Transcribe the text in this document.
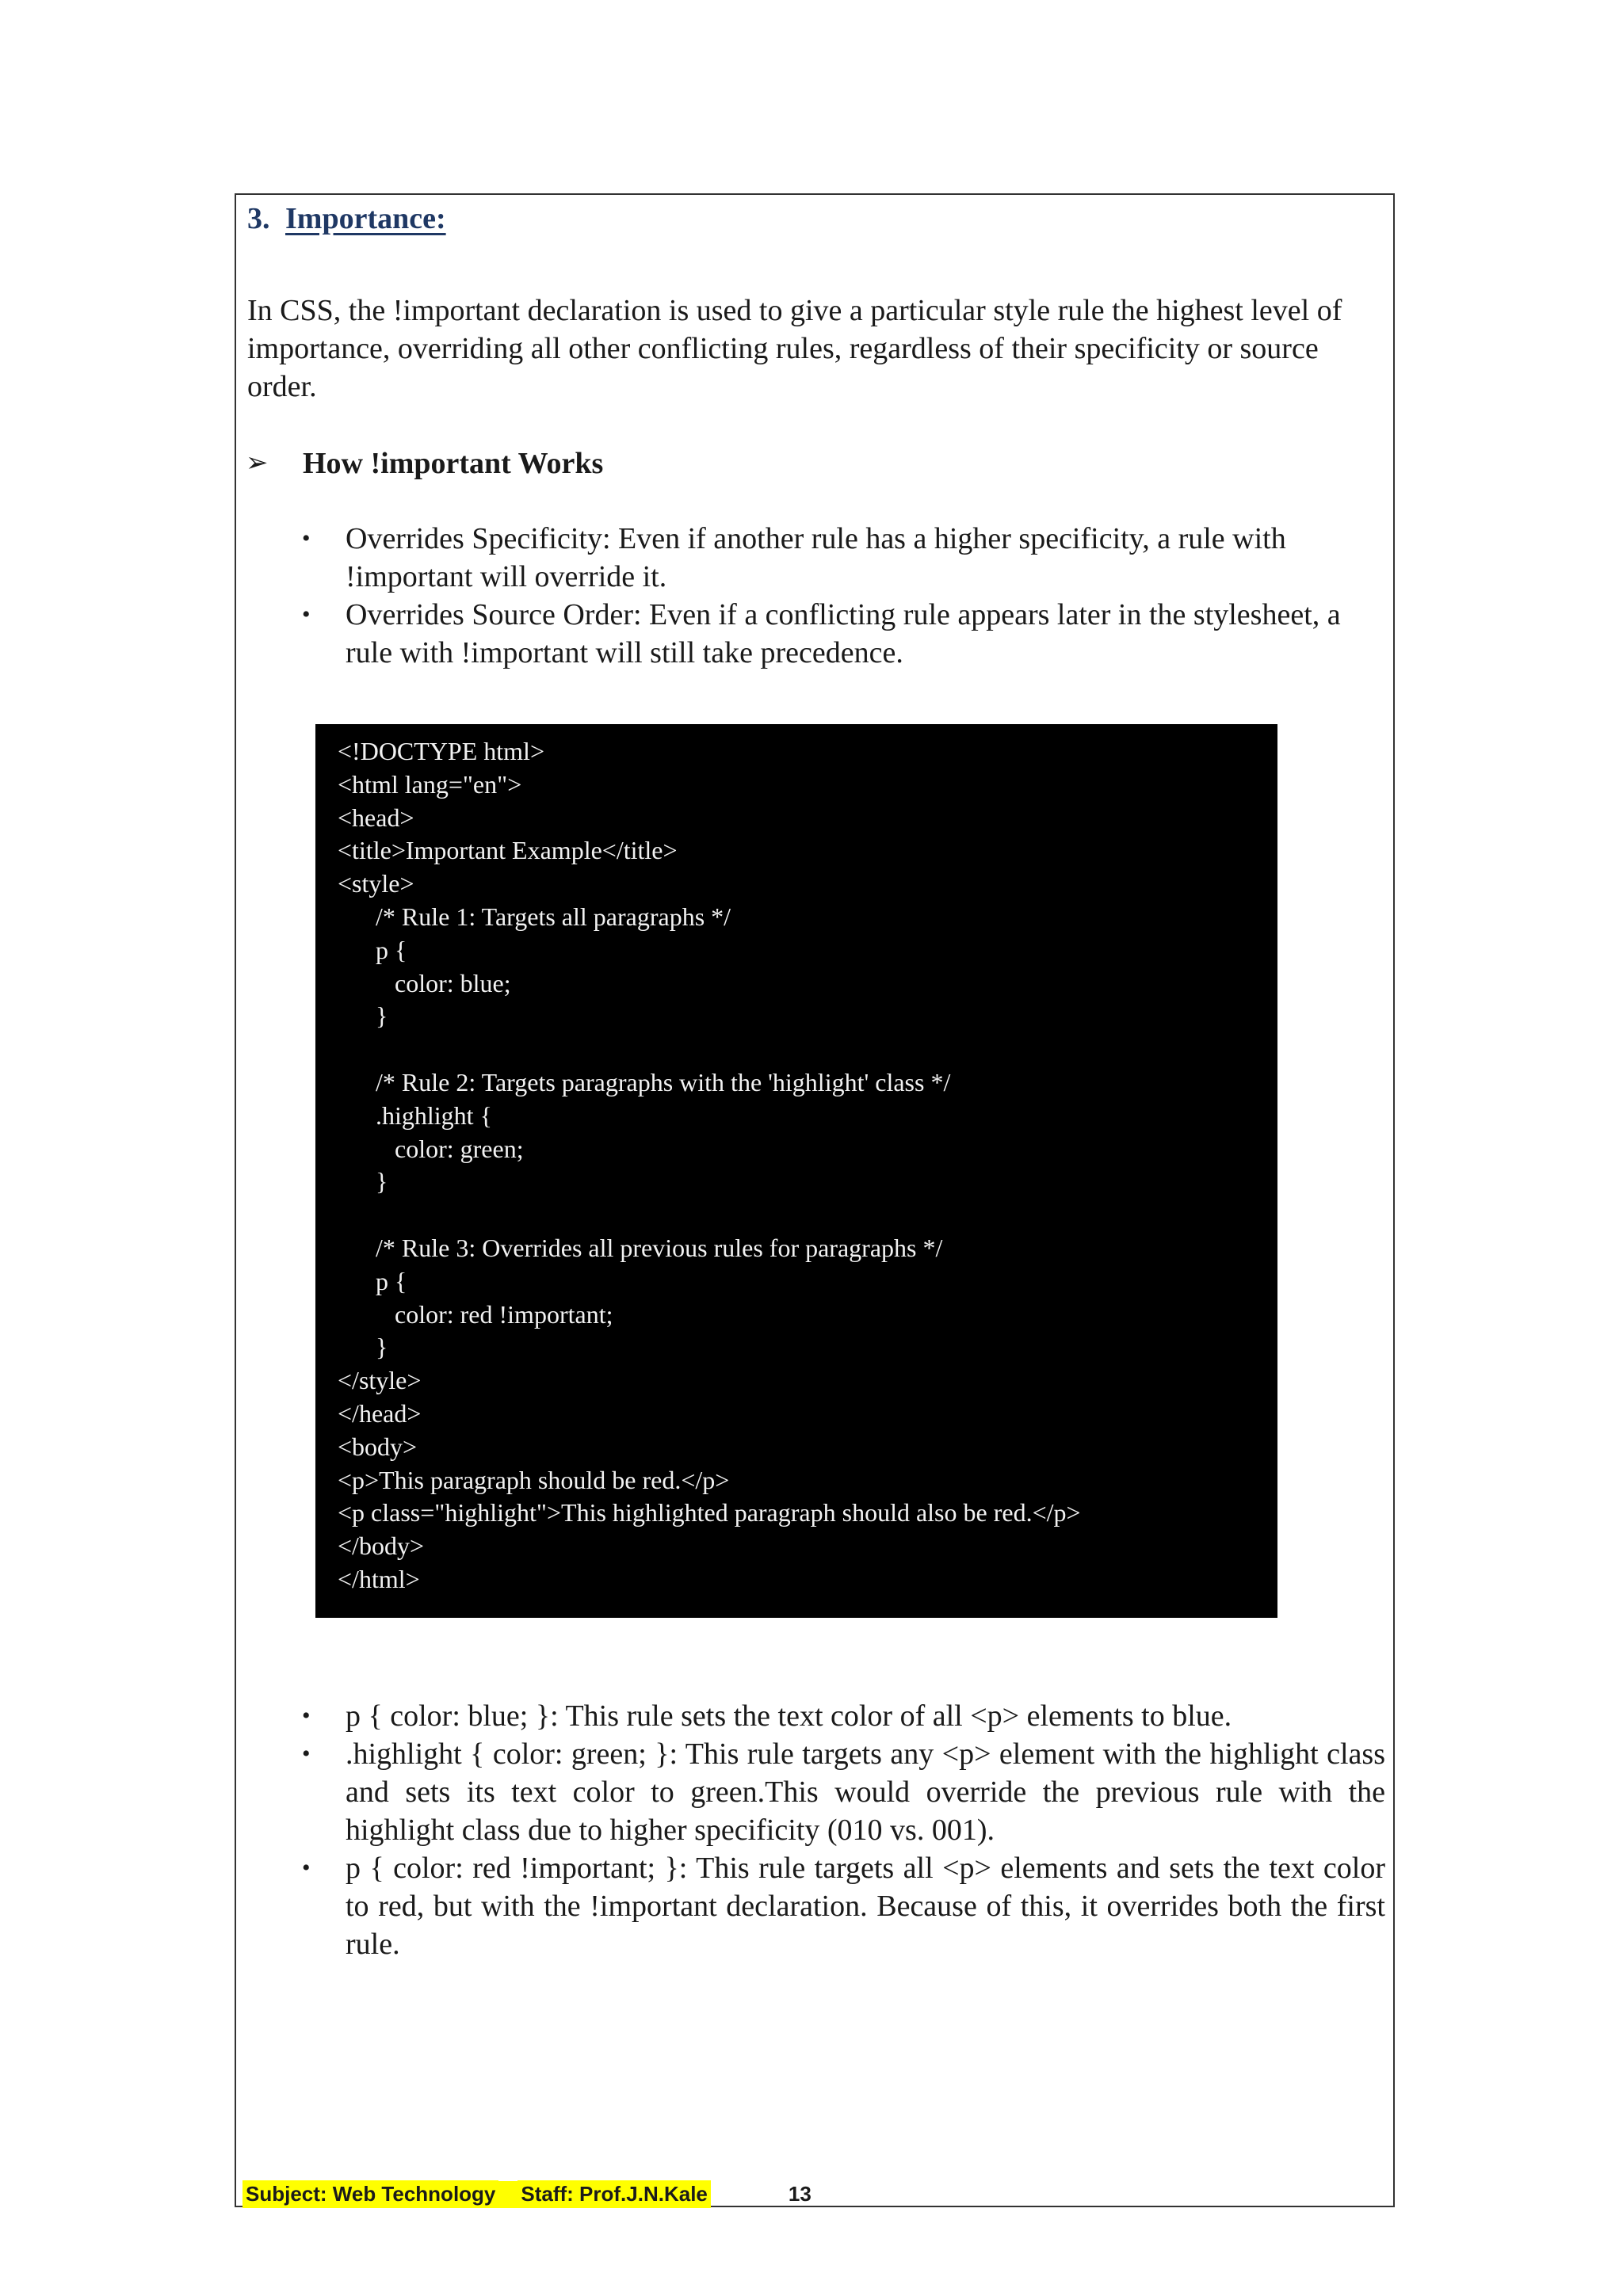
3. Importance:

In CSS, the !important declaration is used to give a particular style rule the highest level of importance, overriding all other conflicting rules, regardless of their specificity or source order.

➢	How !important Works
• Overrides Specificity: Even if another rule has a higher specificity, a rule with !important will override it.
• Overrides Source Order: Even if a conflicting rule appears later in the stylesheet, a rule with !important will still take precedence.
<!DOCTYPE html>
<html lang="en">
<head>
<title>Important Example</title>
<style>
/* Rule 1: Targets all paragraphs */
p {
color: blue;
}
/* Rule 2: Targets paragraphs with the 'highlight' class */
.highlight {
color: green;
}
/* Rule 3: Overrides all previous rules for paragraphs */
p {
color: red !important;
}
</style>
</head>
<body>
<p>This paragraph should be red.</p>
<p class="highlight">This highlighted paragraph should also be red.</p>
</body>
</html>
• p { color: blue; }: This rule sets the text color of all <p> elements to blue.
• .highlight { color: green; }: This rule targets any <p> element with the highlight class and sets its text color to green.This would override the previous rule with the highlight class due to higher specificity (010 vs. 001).
• p { color: red !important; }: This rule targets all <p> elements and sets the text color to red, but with the !important declaration. Because of this, it overrides both the first rule.
Subject: Web Technology Staff: Prof.J.N.Kale	13
